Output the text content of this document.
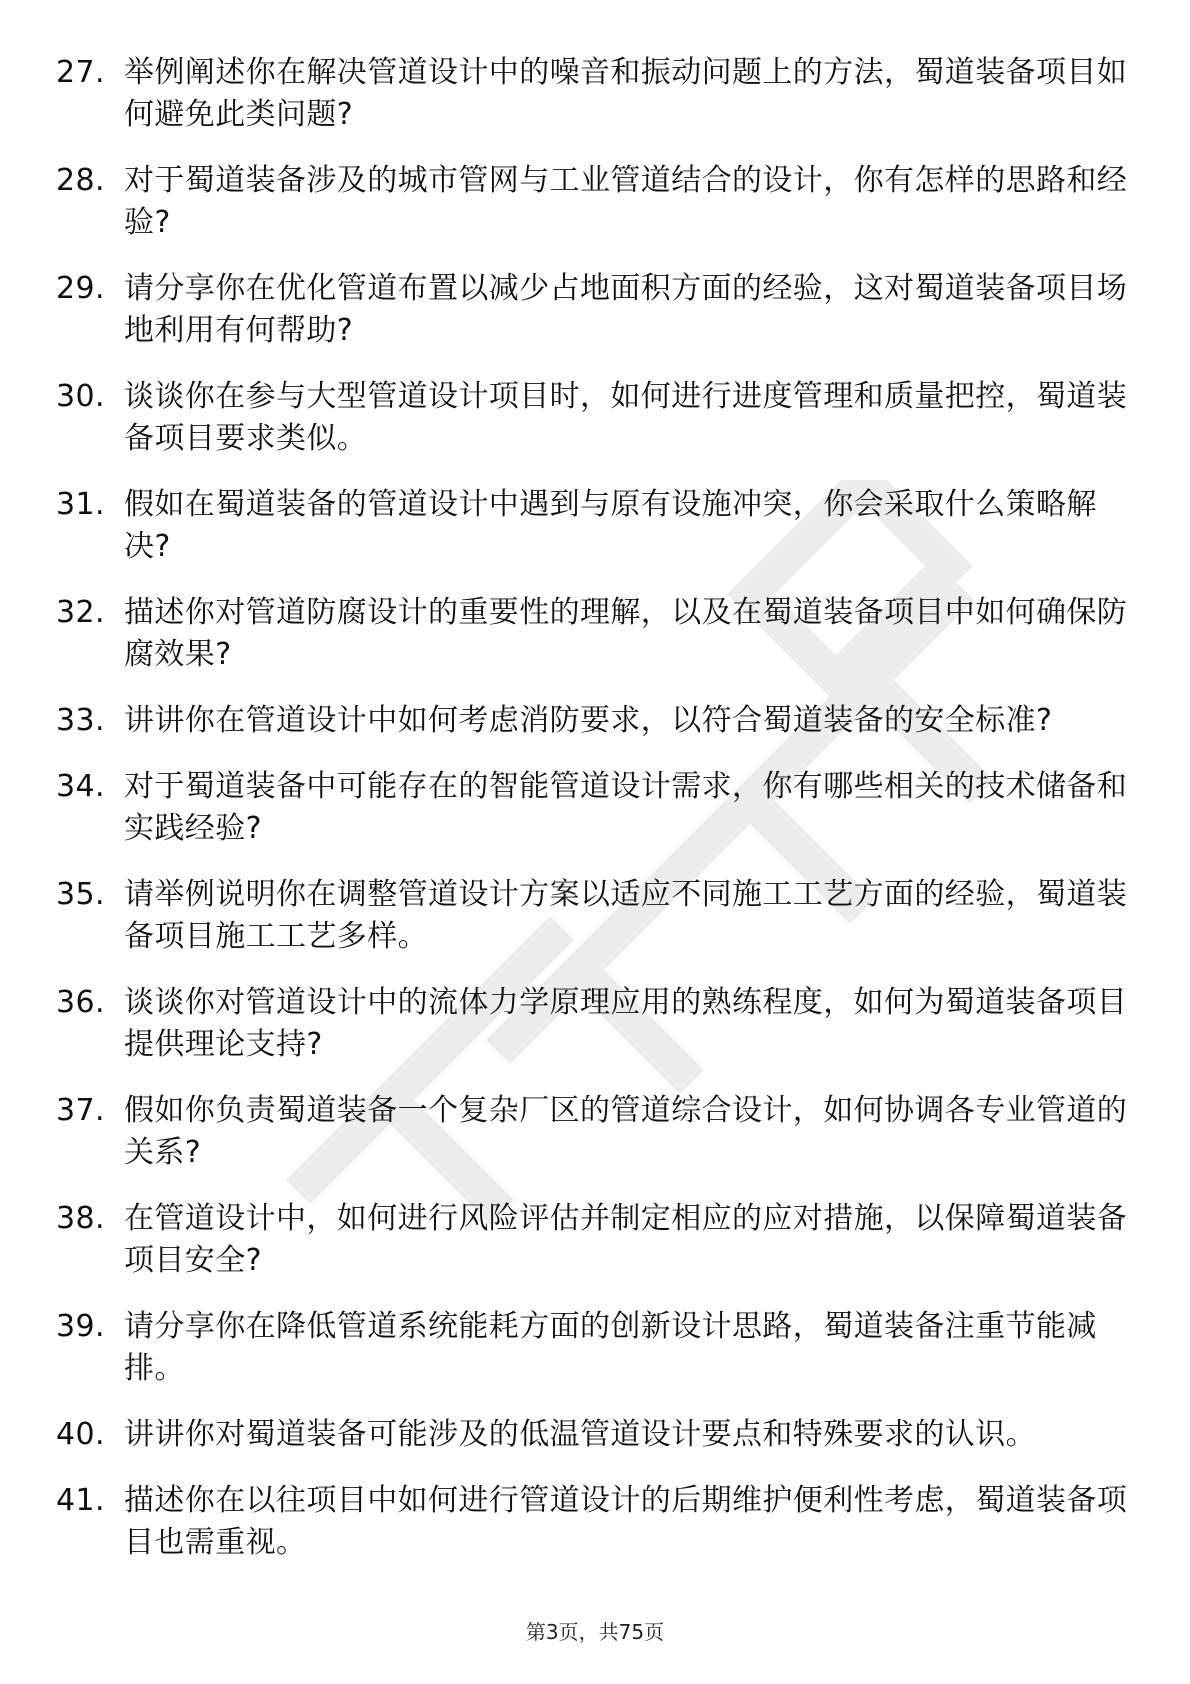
27. 举例阐述你在解决管道设计中的噪音和振动问题上的方法，蜀道装备项目如何避免此类问题?
28. 对于蜀道装备涉及的城市管网与工业管道结合的设计，你有怎样的思路和经验?
29. 请分享你在优化管道布置以减少占地面积方面的经验，这对蜀道装备项目场地利用有何帮助?
30. 谈谈你在参与大型管道设计项目时，如何进行进度管理和质量把控，蜀道装备项目要求类似。
31. 假如在蜀道装备的管道设计中遇到与原有设施冲突，你会采取什么策略解决?
32. 描述你对管道防腐设计的重要性的理解，以及在蜀道装备项目中如何确保防腐效果?
33. 讲讲你在管道设计中如何考虑消防要求，以符合蜀道装备的安全标准?
34. 对于蜀道装备中可能存在的智能管道设计需求，你有哪些相关的技术储备和实践经验?
35. 请举例说明你在调整管道设计方案以适应不同施工工艺方面的经验，蜀道装备项目施工工艺多样。
36. 谈谈你对管道设计中的流体力学原理应用的熟练程度，如何为蜀道装备项目提供理论支持?
37. 假如你负责蜀道装备一个复杂厂区的管道综合设计，如何协调各专业管道的关系?
38. 在管道设计中，如何进行风险评估并制定相应的应对措施，以保障蜀道装备项目安全?
39. 请分享你在降低管道系统能耗方面的创新设计思路，蜀道装备注重节能减排。
40. 讲讲你对蜀道装备可能涉及的低温管道设计要点和特殊要求的认识。
41. 描述你在以往项目中如何进行管道设计的后期维护便利性考虑，蜀道装备项目也需重视。
第3页，共75页
